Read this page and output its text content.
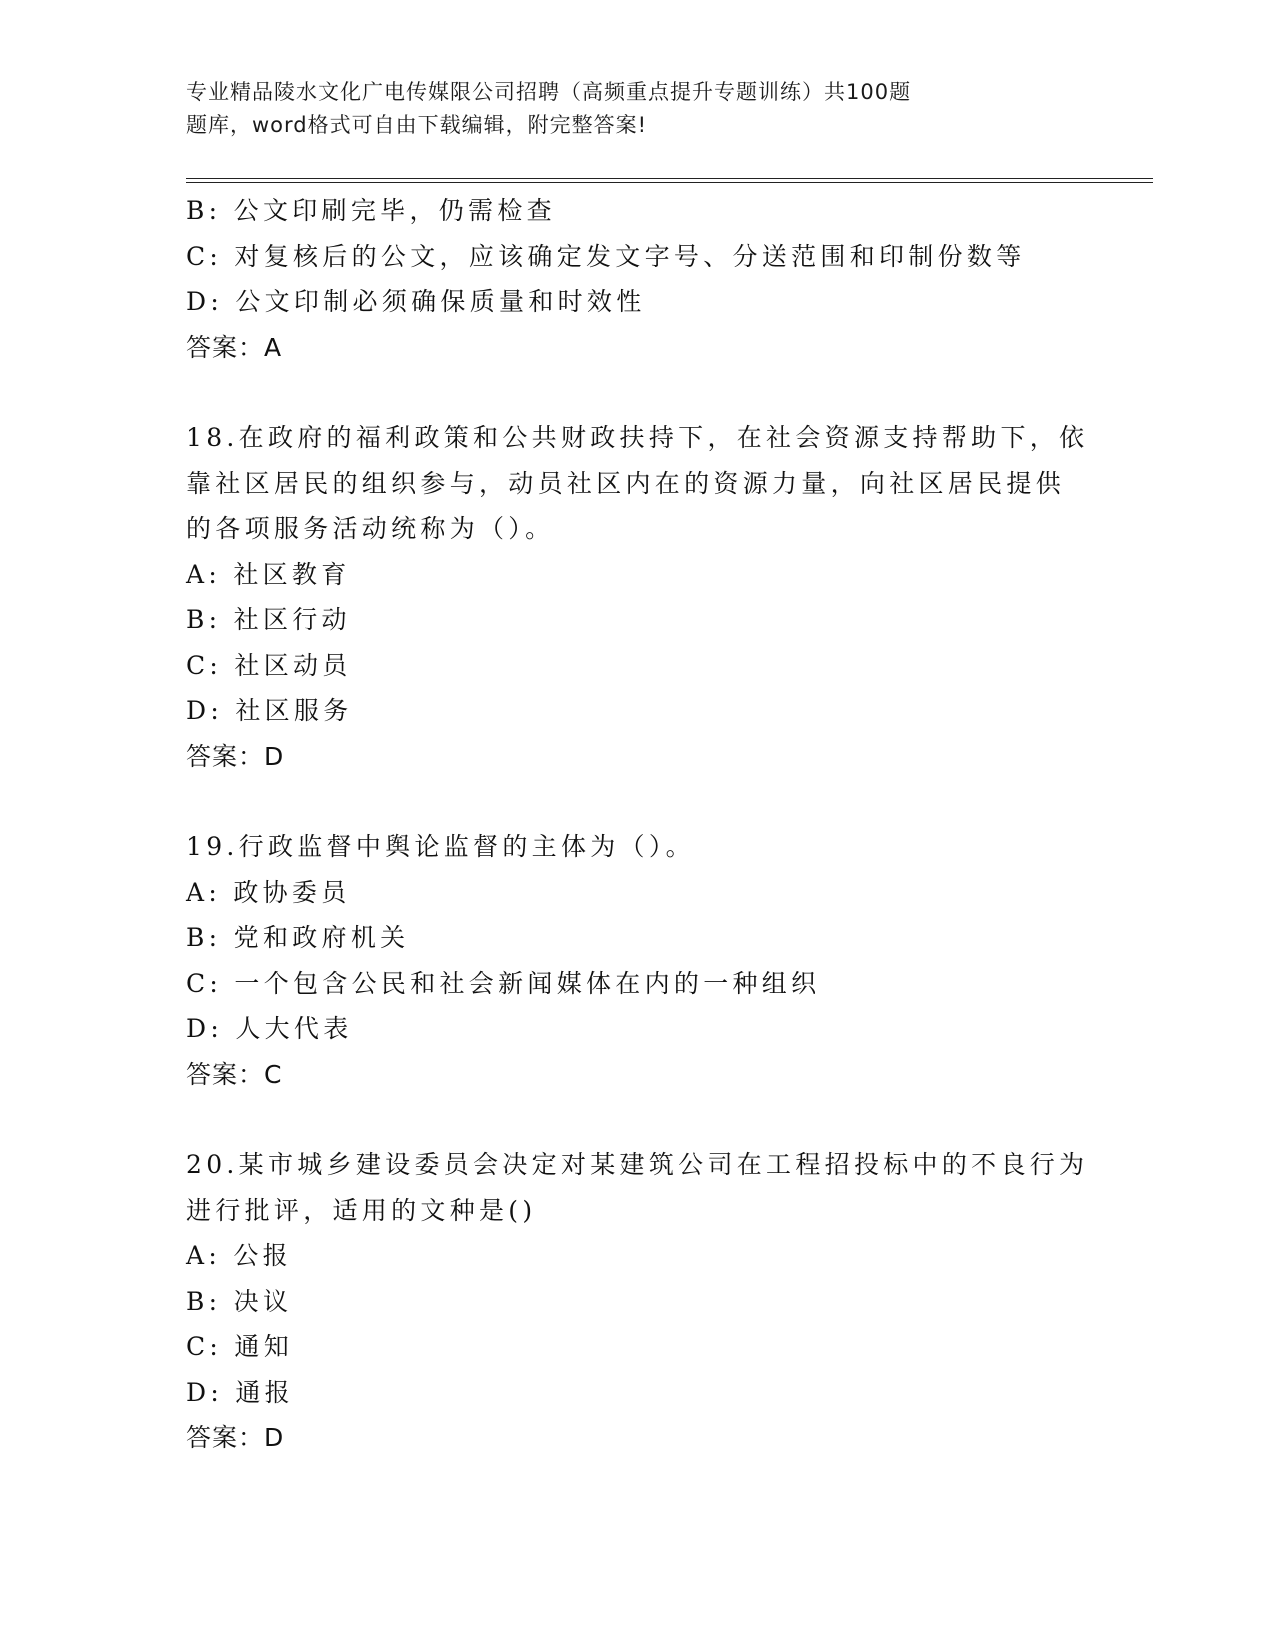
专业精品陵水文化广电传媒限公司招聘（高频重点提升专题训练）共100题
题库，word格式可自由下载编辑，附完整答案!
B: 公文印刷完毕，仍需检查
C: 对复核后的公文，应该确定发文字号、分送范围和印制份数等
D: 公文印制必须确保质量和时效性
答案：A
18.在政府的福利政策和公共财政扶持下，在社会资源支持帮助下，依
靠社区居民的组织参与，动员社区内在的资源力量，向社区居民提供
的各项服务活动统称为（）。
A: 社区教育
B: 社区行动
C: 社区动员
D: 社区服务
答案：D
19.行政监督中舆论监督的主体为（）。
A: 政协委员
B: 党和政府机关
C: 一个包含公民和社会新闻媒体在内的一种组织
D: 人大代表
答案：C
20.某市城乡建设委员会决定对某建筑公司在工程招投标中的不良行为
进行批评，适用的文种是()
A: 公报
B: 决议
C: 通知
D: 通报
答案：D
